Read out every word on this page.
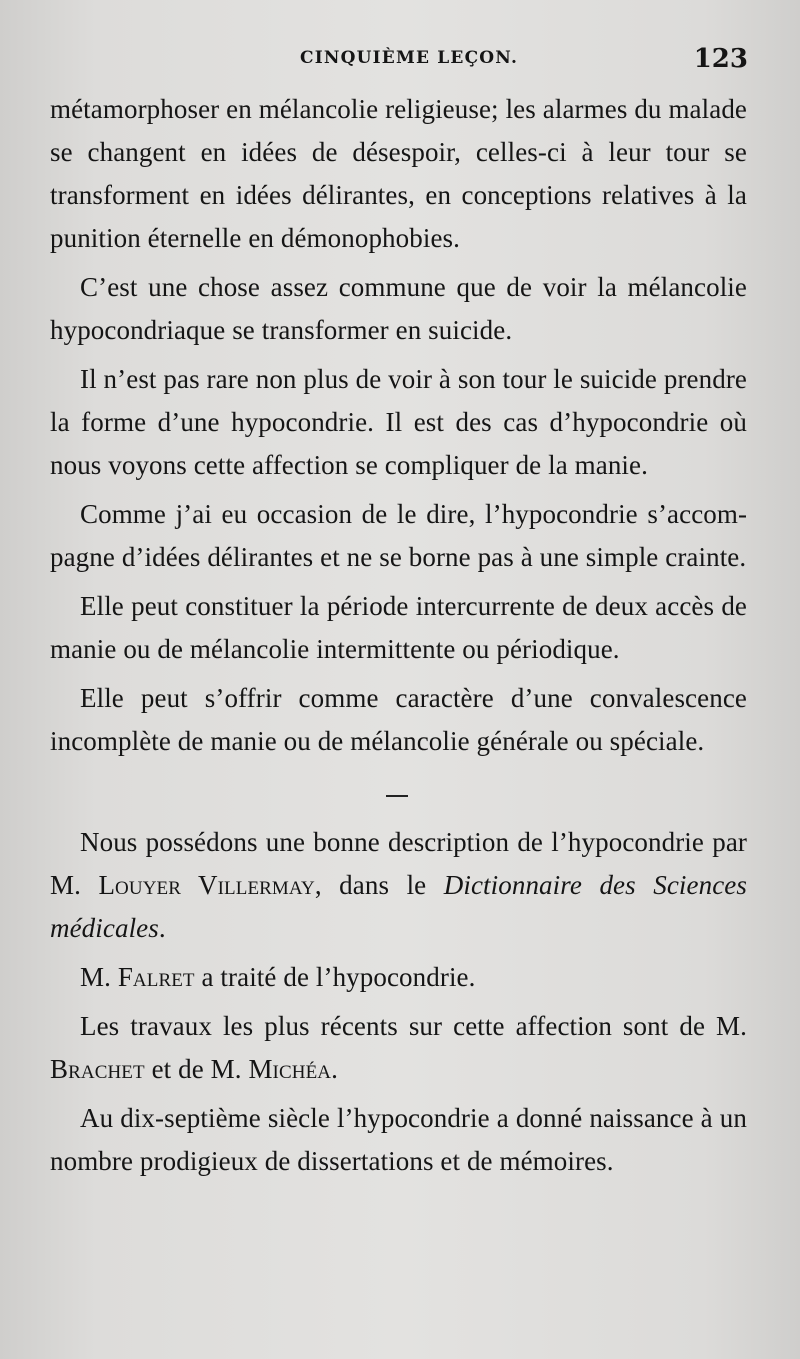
CINQUIÈME LEÇON.	123

métamorphoser en mélancolie religieuse; les alarmes du malade se changent en idées de désespoir, celles-ci à leur tour se transforment en idées délirantes, en conceptions relatives à la punition éternelle en démonophobies.

C’est une chose assez commune que de voir la mélancolie hypocondriaque se transformer en suicide.

Il n’est pas rare non plus de voir à son tour le suicide prendre la forme d’une hypocondrie. Il est des cas d’hypocondrie où nous voyons cette affection se compliquer de la manie.

Comme j’ai eu occasion de le dire, l’hypocondrie s’accompagne d’idées délirantes et ne se borne pas à une simple crainte.

Elle peut constituer la période intercurrente de deux accès de manie ou de mélancolie intermittente ou périodique.

Elle peut s’offrir comme caractère d’une convalescence incomplète de manie ou de mélancolie générale ou spéciale.

Nous possédons une bonne description de l’hypocondrie par M. Louyer Villermay, dans le Dictionnaire des Sciences médicales.

M. Falret a traité de l’hypocondrie.

Les travaux les plus récents sur cette affection sont de M. Brachet et de M. Michéa.

Au dix-septième siècle l’hypocondrie a donné naissance à un nombre prodigieux de dissertations et de mémoires.
